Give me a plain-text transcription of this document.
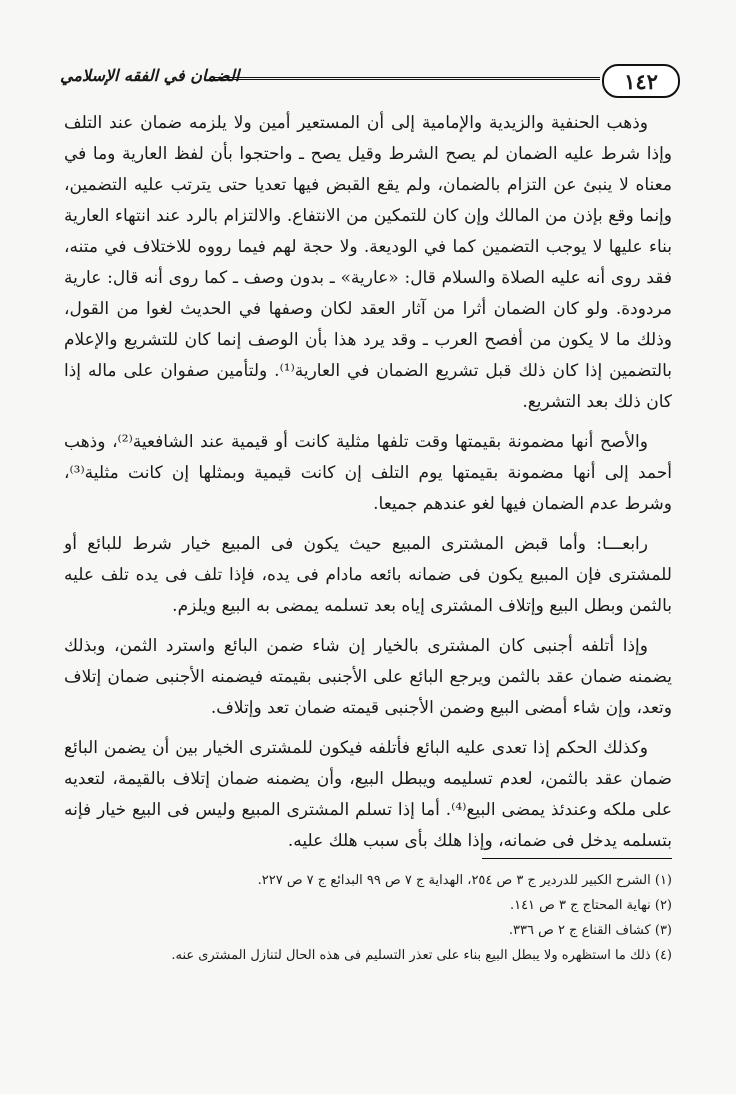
١٤٢
الضمان في الفقه الإسلامي

وذهب الحنفية والزيدية والإمامية إلى أن المستعير أمين ولا يلزمه ضمان عند التلف وإذا شرط عليه الضمان لم يصح الشرط وقيل يصح ـ واحتجوا بأن لفظ العارية وما في معناه لا ينبئ عن التزام بالضمان، ولم يقع القبض فيها تعديا حتى يترتب عليه التضمين، وإنما وقع بإذن من المالك وإن كان للتمكين من الانتفاع. والالتزام بالرد عند انتهاء العارية بناء عليها لا يوجب التضمين كما في الوديعة. ولا حجة لهم فيما رووه للاختلاف في متنه، فقد روى أنه عليه الصلاة والسلام قال: «عارية» ـ بدون وصف ـ كما روى أنه قال: عارية مردودة. ولو كان الضمان أثرا من آثار العقد لكان وصفها في الحديث لغوا من القول، وذلك ما لا يكون من أفصح العرب ـ وقد يرد هذا بأن الوصف إنما كان للتشريع والإعلام بالتضمين إذا كان ذلك قبل تشريع الضمان في العارية⁽¹⁾. ولتأمين صفوان على ماله إذا كان ذلك بعد التشريع.

والأصح أنها مضمونة بقيمتها وقت تلفها مثلية كانت أو قيمية عند الشافعية⁽²⁾، وذهب أحمد إلى أنها مضمونة بقيمتها يوم التلف إن كانت قيمية وبمثلها إن كانت مثلية⁽³⁾، وشرط عدم الضمان فيها لغو عندهم جميعا.

رابعـــا: وأما قبض المشترى المبيع حيث يكون فى المبيع خيار شرط للبائع أو للمشترى فإن المبيع يكون فى ضمانه بائعه مادام فى يده، فإذا تلف فى يده تلف عليه بالثمن وبطل البيع وإتلاف المشترى إياه بعد تسلمه يمضى به البيع ويلزم.

وإذا أتلفه أجنبى كان المشترى بالخيار إن شاء ضمن البائع واسترد الثمن، وبذلك يضمنه ضمان عقد بالثمن ويرجع البائع على الأجنبى بقيمته فيضمنه الأجنبى ضمان إتلاف وتعد، وإن شاء أمضى البيع وضمن الأجنبى قيمته ضمان تعد وإتلاف.

وكذلك الحكم إذا تعدى عليه البائع فأتلفه فيكون للمشترى الخيار بين أن يضمن البائع ضمان عقد بالثمن، لعدم تسليمه ويبطل البيع، وأن يضمنه ضمان إتلاف بالقيمة، لتعديه على ملكه وعندئذ يمضى البيع⁽⁴⁾. أما إذا تسلم المشترى المبيع وليس فى البيع خيار فإنه بتسلمه يدخل فى ضمانه، وإذا هلك بأى سبب هلك عليه.

(١) الشرح الكبير للدردير ج ٣ ص ٢٥٤، الهداية ج ٧ ص ٩٩ البدائع ج ٧ ص ٢٢٧.
(٢) نهاية المحتاج ج ٣ ص ١٤١.
(٣) كشاف القناع ج ٢ ص ٣٣٦.
(٤) ذلك ما استظهره ولا يبطل البيع بناء على تعذر التسليم فى هذه الحال لتنازل المشترى عنه.
